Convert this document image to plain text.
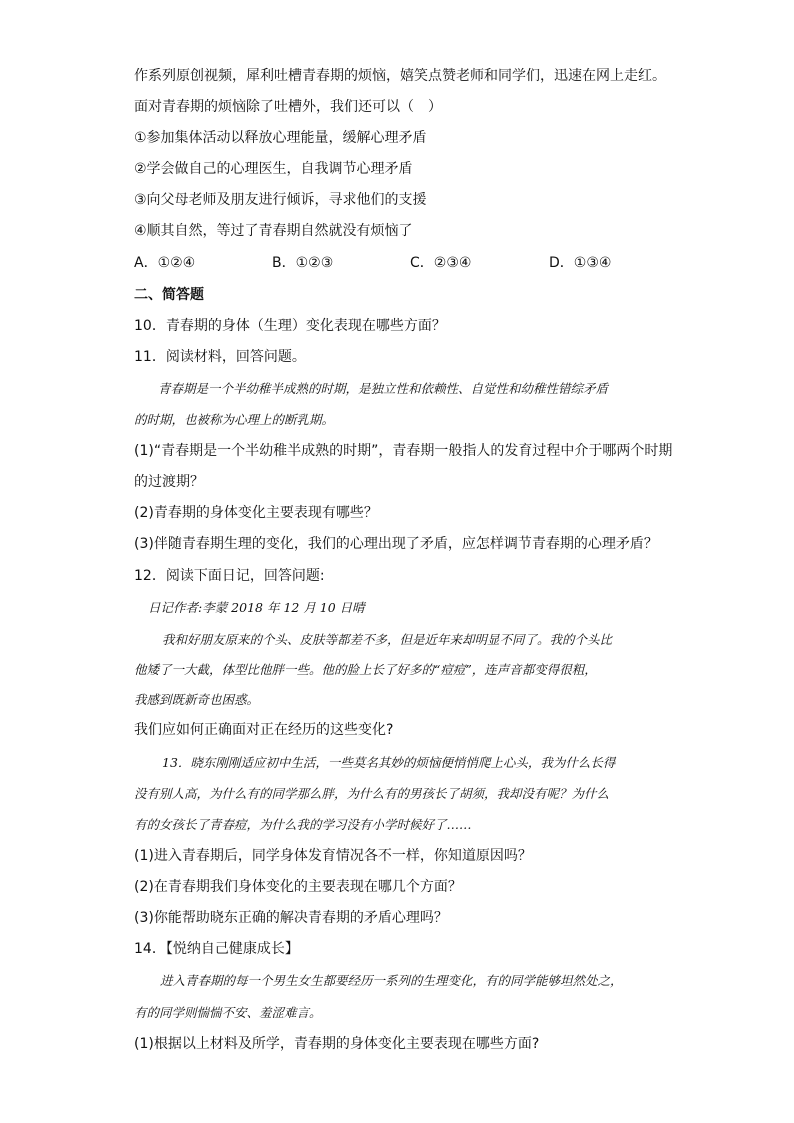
作系列原创视频，犀利吐槽青春期的烦恼，嬉笑点赞老师和同学们，迅速在网上走红。
面对青春期的烦恼除了吐槽外，我们还可以（　）
①参加集体活动以释放心理能量，缓解心理矛盾
②学会做自己的心理医生，自我调节心理矛盾
③向父母老师及朋友进行倾诉，寻求他们的支援
④顺其自然，等过了青春期自然就没有烦恼了
A．①②④	B．①②③	C．②③④	D．①③④
二、简答题
10．青春期的身体（生理）变化表现在哪些方面？
11．阅读材料，回答问题。
青春期是一个半幼稚半成熟的时期，是独立性和依赖性、自觉性和幼稚性错综矛盾
的时期，也被称为心理上的断乳期。
(1)“青春期是一个半幼稚半成熟的时期”，青春期一般指人的发育过程中介于哪两个时期
的过渡期？
(2)青春期的身体变化主要表现有哪些？
(3)伴随青春期生理的变化，我们的心理出现了矛盾，应怎样调节青春期的心理矛盾？
12．阅读下面日记，回答问题:
日记作者:李蒙 2018 年 12 月 10 日晴
我和好朋友原来的个头、皮肤等都差不多，但是近年来却明显不同了。我的个头比
他矮了一大截，体型比他胖一些。他的脸上长了好多的“痘痘”，连声音都变得很粗，
我感到既新奇也困惑。
我们应如何正确面对正在经历的这些变化?
13．晓东刚刚适应初中生活，一些莫名其妙的烦恼便悄悄爬上心头，我为什么长得
没有别人高，为什么有的同学那么胖，为什么有的男孩长了胡须，我却没有呢？为什么
有的女孩长了青春痘，为什么我的学习没有小学时候好了……
(1)进入青春期后，同学身体发育情况各不一样，你知道原因吗？
(2)在青春期我们身体变化的主要表现在哪几个方面？
(3)你能帮助晓东正确的解决青春期的矛盾心理吗？
14．【悦纳自己健康成长】
进入青春期的每一个男生女生都要经历一系列的生理变化，有的同学能够坦然处之，
有的同学则惴惴不安、羞涩难言。
(1)根据以上材料及所学，青春期的身体变化主要表现在哪些方面?
